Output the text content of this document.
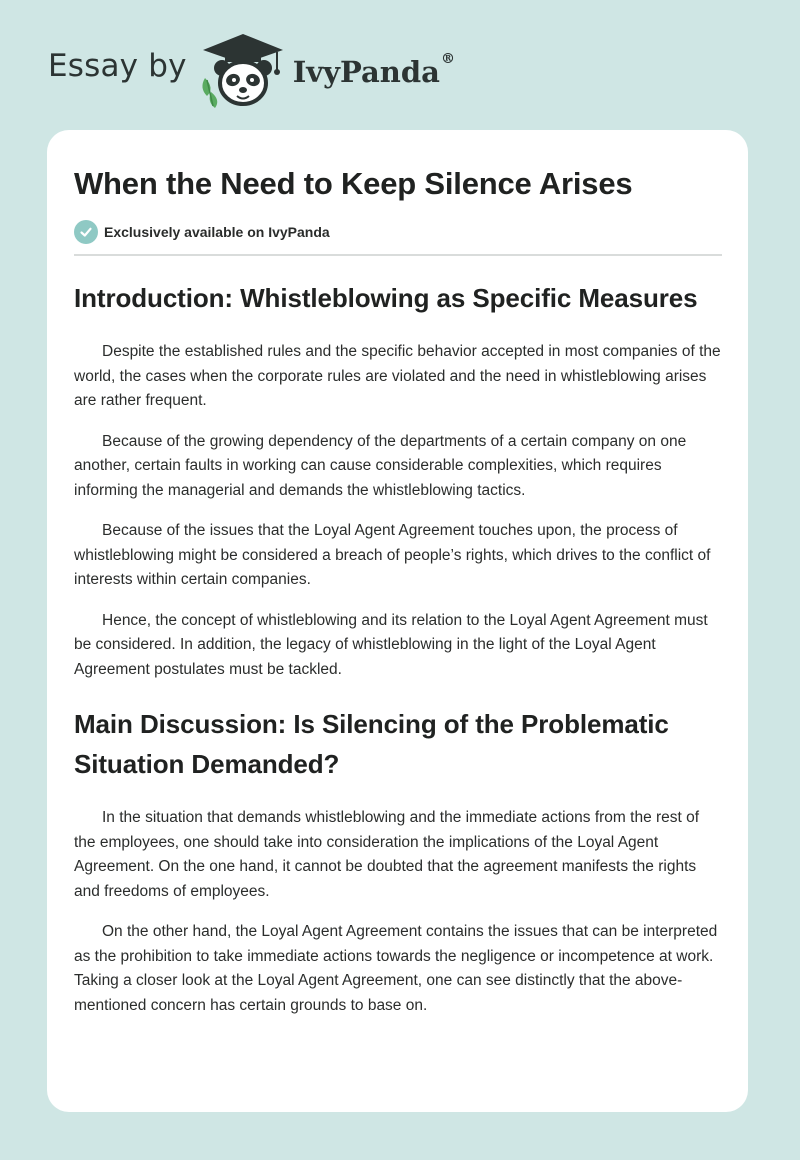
Essay by	IvyPanda®
When the Need to Keep Silence Arises
Exclusively available on IvyPanda
Introduction: Whistleblowing as Specific Measures

Despite the established rules and the specific behavior accepted in most companies of the world, the cases when the corporate rules are violated and the need in whistleblowing arises are rather frequent.

Because of the growing dependency of the departments of a certain company on one another, certain faults in working can cause considerable complexities, which requires informing the managerial and demands the whistleblowing tactics.

Because of the issues that the Loyal Agent Agreement touches upon, the process of whistleblowing might be considered a breach of people’s rights, which drives to the conflict of interests within certain companies.

Hence, the concept of whistleblowing and its relation to the Loyal Agent Agreement must be considered. In addition, the legacy of whistleblowing in the light of the Loyal Agent Agreement postulates must be tackled.

Main Discussion: Is Silencing of the Problematic Situation Demanded?

In the situation that demands whistleblowing and the immediate actions from the rest of the employees, one should take into consideration the implications of the Loyal Agent Agreement. On the one hand, it cannot be doubted that the agreement manifests the rights and freedoms of employees.

On the other hand, the Loyal Agent Agreement contains the issues that can be interpreted as the prohibition to take immediate actions towards the negligence or incompetence at work. Taking a closer look at the Loyal Agent Agreement, one can see distinctly that the above-mentioned concern has certain grounds to base on.
